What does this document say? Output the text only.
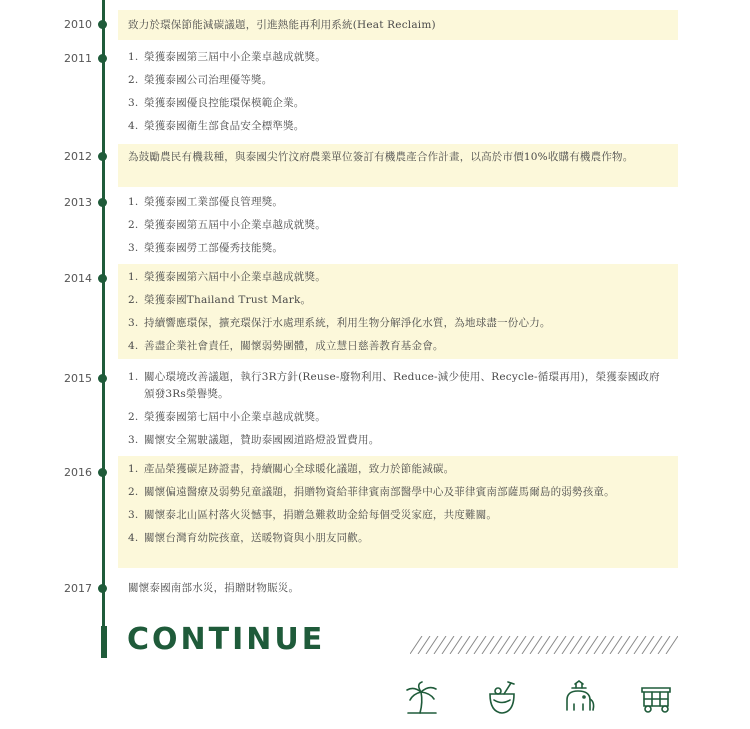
2010	致力於環保節能減碳議題，引進熱能再利用系統(Heat Reclaim)

2011	1. 榮獲泰國第三屆中小企業卓越成就獎。
2. 榮獲泰國公司治理優等獎。
3. 榮獲泰國優良控能環保模範企業。
4. 榮獲泰國衛生部食品安全標準獎。
2012	為鼓勵農民有機栽種，與泰國尖竹汶府農業單位簽訂有機農產合作計畫，以高於市價10%收購有機農作物。

2013	1. 榮獲泰國工業部優良管理獎。
2. 榮獲泰國第五屆中小企業卓越成就獎。
3. 榮獲泰國勞工部優秀技能獎。
2014	1. 榮獲泰國第六屆中小企業卓越成就獎。
2. 榮獲泰國Thailand Trust Mark。
3. 持續響應環保，擴充環保汙水處理系統，利用生物分解淨化水質，為地球盡一份心力。
4. 善盡企業社會責任，關懷弱勢團體，成立慧日慈善教育基金會。
2015	1. 關心環境改善議題，執行3R方針(Reuse-廢物利用、Reduce-減少使用、Recycle-循環再用)，榮獲泰國政府頒發3Rs榮譽獎。
2. 榮獲泰國第七屆中小企業卓越成就獎。
3. 關懷安全駕駛議題，贊助泰國國道路燈設置費用。
2016	1. 產品榮獲碳足跡證書，持續關心全球暖化議題，致力於節能減碳。
2. 關懷偏遠醫療及弱勢兒童議題，捐贈物資給菲律賓南部醫學中心及菲律賓南部薩馬爾島的弱勢孩童。
3. 關懷泰北山區村落火災憾事，捐贈急難救助金給每個受災家庭，共度難關。
4. 關懷台灣育幼院孩童，送暖物資與小朋友同歡。
2017	關懷泰國南部水災，捐贈財物賑災。

CONTINUE
